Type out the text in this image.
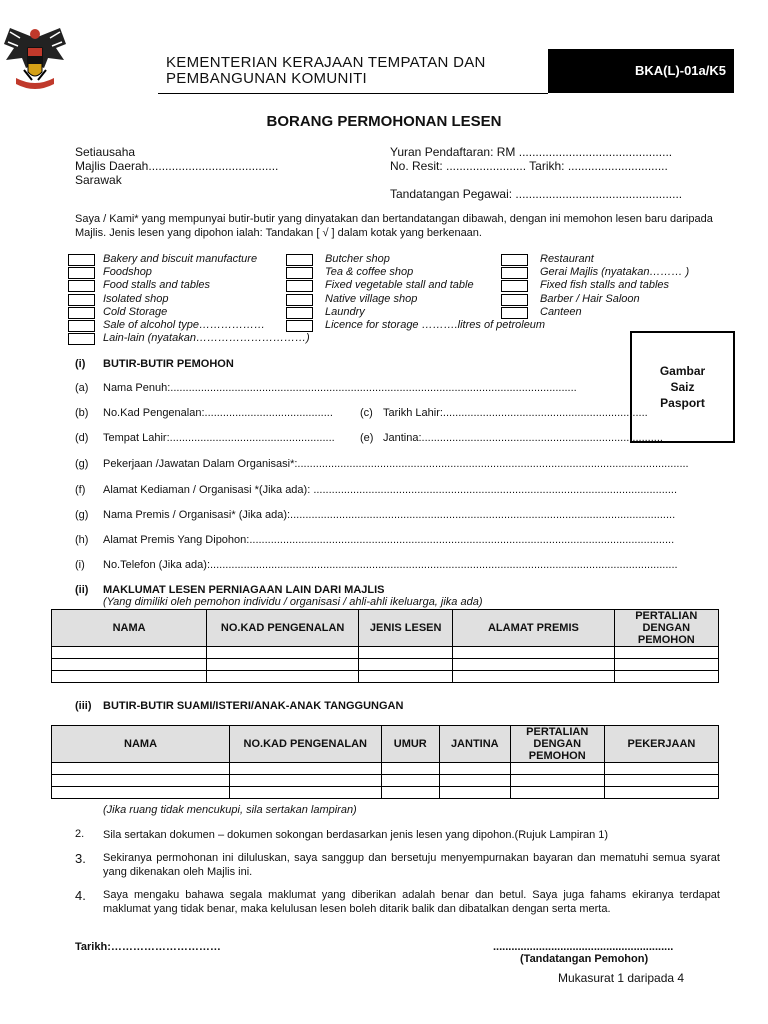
KEMENTERIAN KERAJAAN TEMPATAN DAN
PEMBANGUNAN KOMUNITI	BKA(L)-01a/K5
BORANG PERMOHONAN LESEN
Setiausaha
Majlis Daerah.......................................
Sarawak
Yuran Pendaftaran: RM ..............................................
No. Resit: ........................ Tarikh: ..............................
Tandatangan Pegawai: ..................................................
Saya / Kami* yang mempunyai butir-butir yang dinyatakan dan bertandatangan dibawah, dengan ini memohon lesen baru daripada Majlis. Jenis lesen yang dipohon ialah: Tandakan [ √ ] dalam kotak yang berkenaan.
Bakery and biscuit manufacture
Foodshop
Food stalls and tables
Isolated shop
Cold Storage
Sale of alcohol type………………
Lain-lain (nyatakan…………………………)
Butcher shop
Tea & coffee shop
Fixed vegetable stall and table
Native village shop
Laundry
Licence for storage ……….litres of petroleum
Restaurant
Gerai Majlis (nyatakan……… )
Fixed fish stalls and tables
Barber / Hair Saloon
Canteen
Gambar
Saiz
Pasport
(i) BUTIR-BUTIR PEMOHON
(a) Nama Penuh:.....................................................................................................................................
(b) No.Kad Pengenalan:.......................................... (c) Tarikh Lahir:...................................................................
(d) Tempat Lahir:...................................................... (e) Jantina:...............................................................................
(g) Pekerjaan /Jawatan Dalam Organisasi*:................................................................................................................................
(f) Alamat Kediaman / Organisasi *(Jika ada): .......................................................................................................................
(g) Nama Premis / Organisasi* (Jika ada):..............................................................................................................................
(h) Alamat Premis Yang Dipohon:...........................................................................................................................................
(i) No.Telefon (Jika ada):.........................................................................................................................................................
(ii) MAKLUMAT LESEN PERNIAGAAN LAIN DARI MAJLIS
(Yang dimiliki oleh pemohon individu / organisasi / ahli-ahli ikeluarga, jika ada)
NAMA	NO.KAD PENGENALAN	JENIS LESEN	ALAMAT PREMIS	PERTALIAN DENGAN PEMOHON

(iii) BUTIR-BUTIR SUAMI/ISTERI/ANAK-ANAK TANGGUNGAN
NAMA	NO.KAD PENGENALAN	UMUR	JANTINA	PERTALIAN DENGAN PEMOHON	PEKERJAAN

(Jika ruang tidak mencukupi, sila sertakan lampiran)
2. Sila sertakan dokumen – dokumen sokongan berdasarkan jenis lesen yang dipohon.(Rujuk Lampiran 1)
3. Sekiranya permohonan ini diluluskan, saya sanggup dan bersetuju menyempurnakan bayaran dan mematuhi semua syarat yang dikenakan oleh Majlis ini.
4. Saya mengaku bahawa segala maklumat yang diberikan adalah benar dan betul. Saya juga fahams ekiranya terdapat maklumat yang tidak benar, maka kelulusan lesen boleh ditarik balik dan dibatalkan dengan serta merta.
Tarikh:…………………………	...........................................................
(Tandatangan Pemohon)
Mukasurat 1 daripada 4
